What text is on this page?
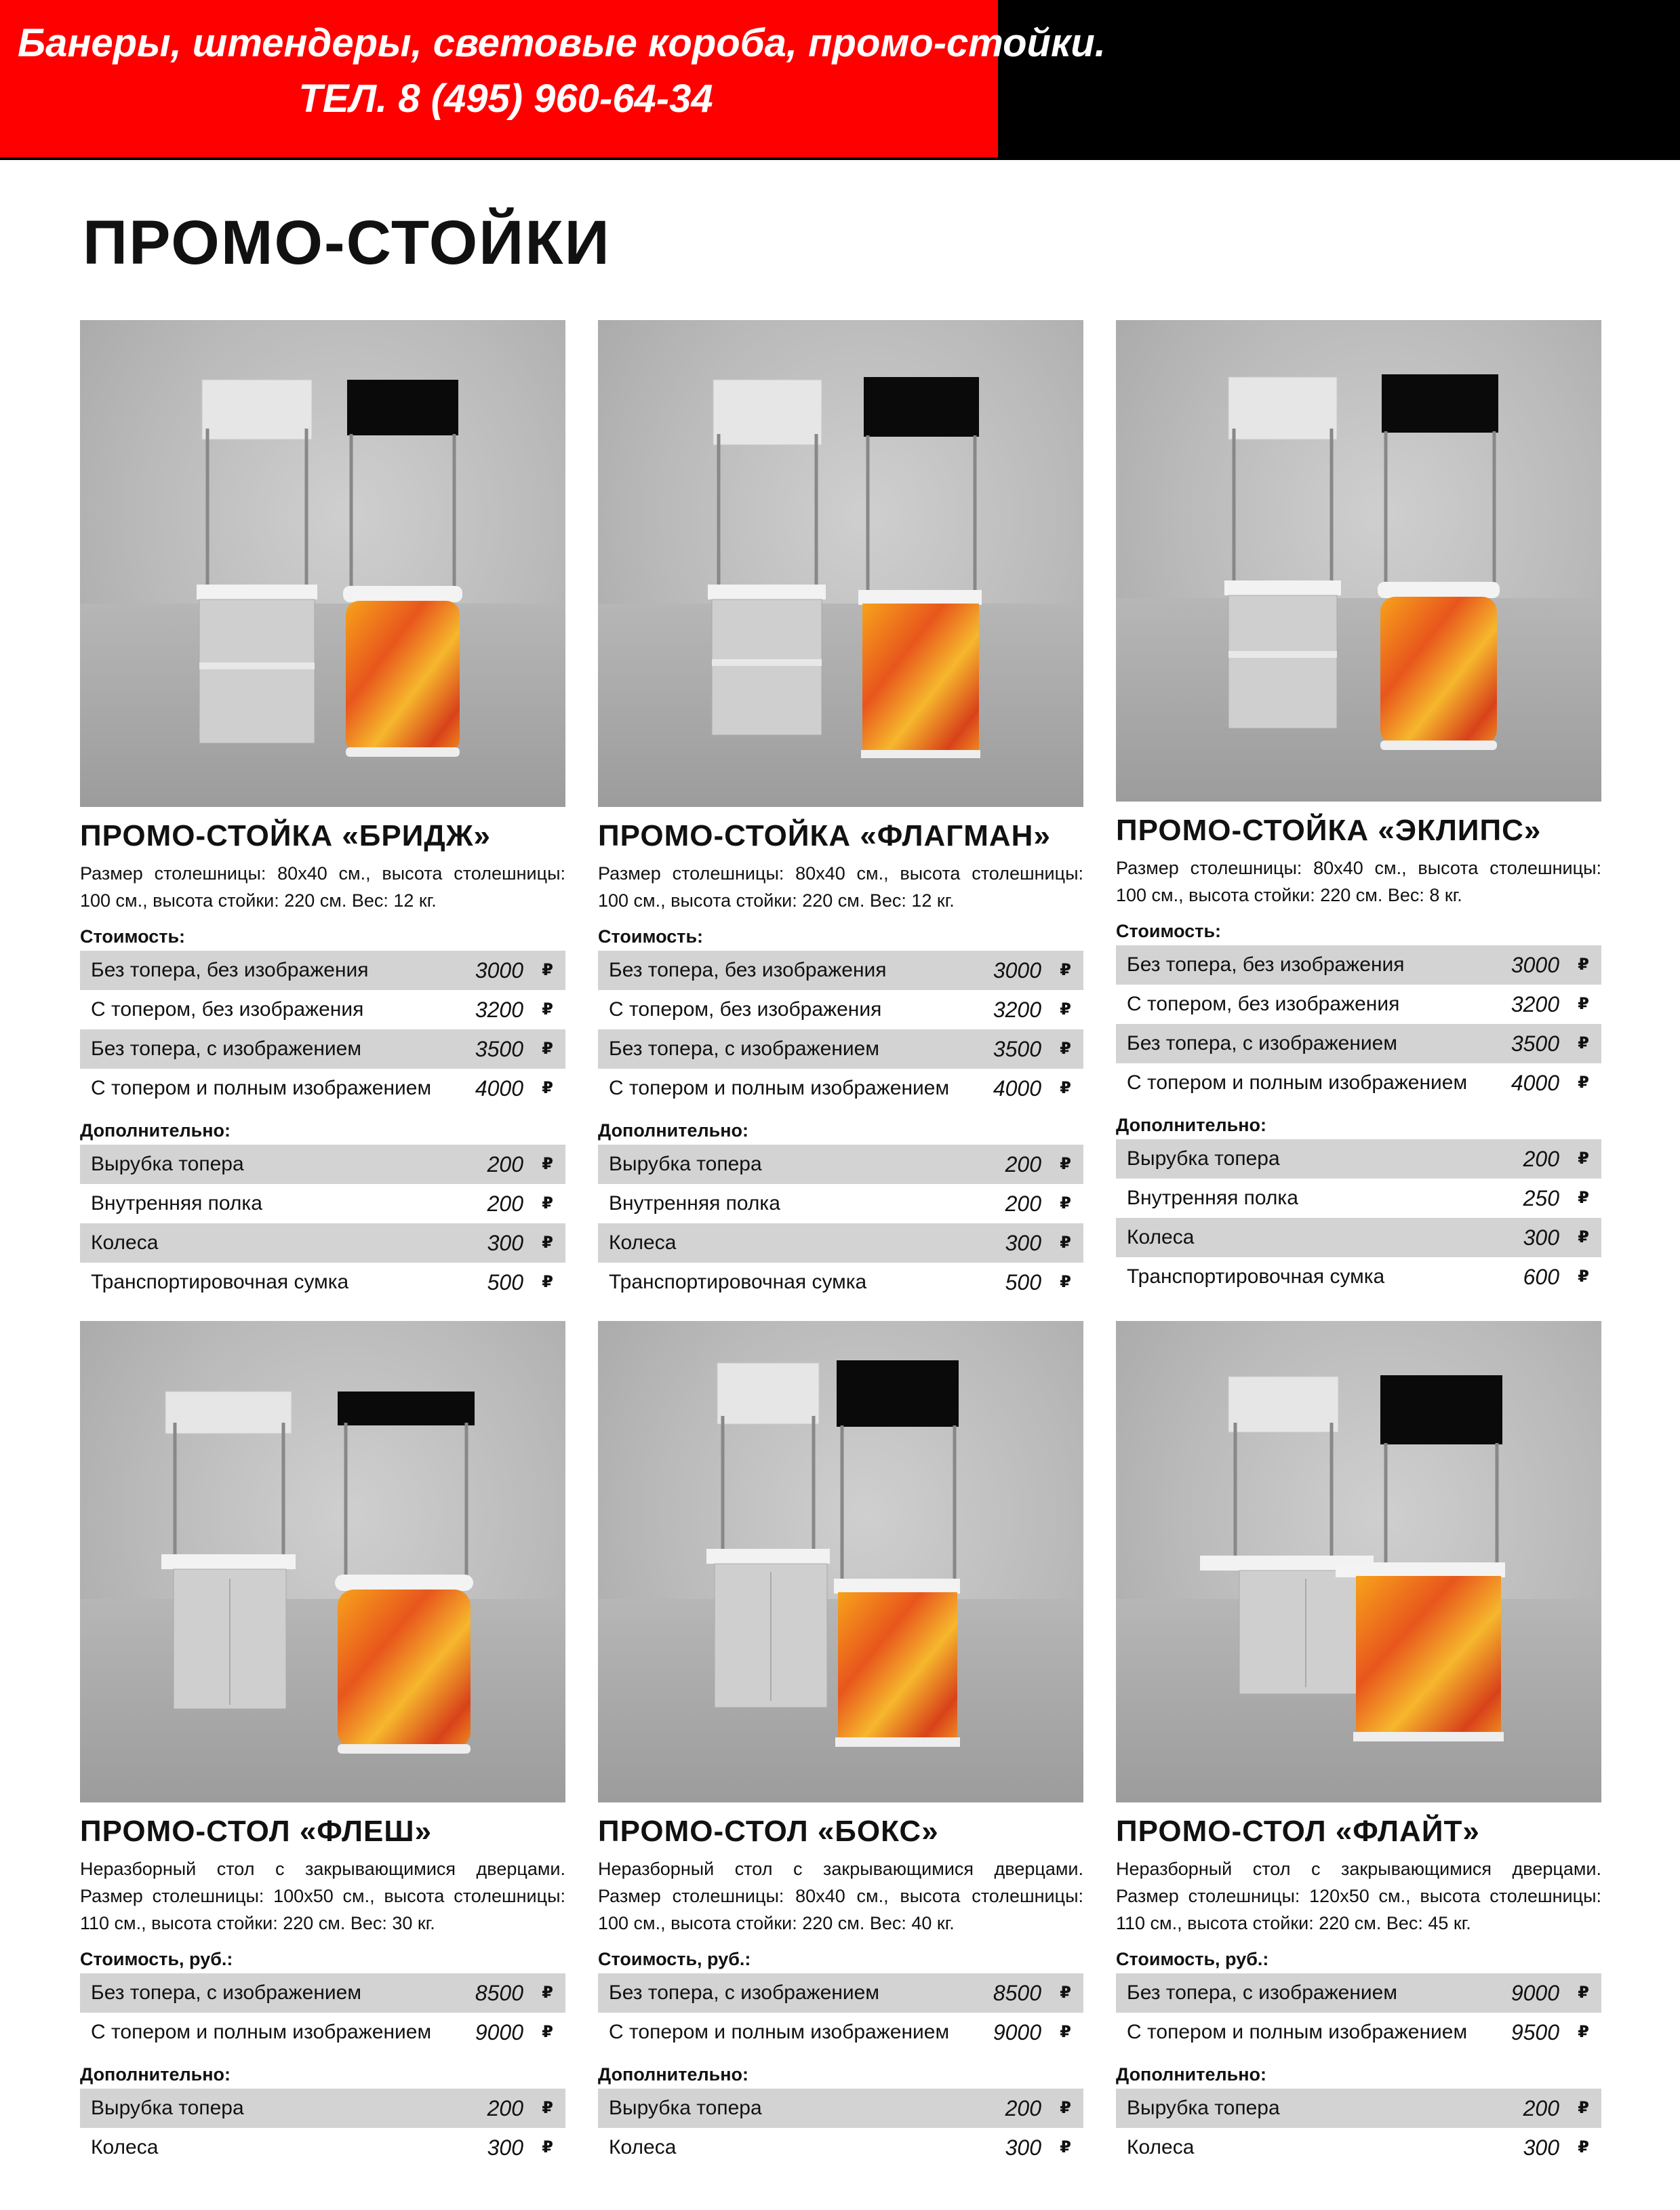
Банеры, штендеры, световые короба, промо-стойки.
ТЕЛ. 8 (495) 960-64-34
ПРОМО-СТОЙКИ
ПРОМО-СТОЙКА «БРИДЖ»
Размер столешницы: 80х40 см., высота столешницы: 100 см., высота стойки: 220 см. Вес: 12 кг.
Стоимость:
Без топера, без изображения	3000 ₽
С топером, без изображения	3200 ₽
Без топера, с изображением	3500 ₽
С топером и полным изображением 4000 ₽
Дополнительно:
Вырубка топера	200 ₽
Внутренняя полка	200 ₽
Колеса	300 ₽
Транспортировочная сумка	500 ₽
ПРОМО-СТОЙКА «ФЛАГМАН»
Размер столешницы: 80х40 см., высота столешницы: 100 см., высота стойки: 220 см. Вес: 12 кг.
Стоимость:
Без топера, без изображения	3000 ₽
С топером, без изображения	3200 ₽
Без топера, с изображением	3500 ₽
С топером и полным изображением 4000 ₽
Дополнительно:
Вырубка топера	200 ₽
Внутренняя полка	200 ₽
Колеса	300 ₽
Транспортировочная сумка	500 ₽
ПРОМО-СТОЙКА «ЭКЛИПС»
Размер столешницы: 80х40 см., высота столешницы: 100 см., высота стойки: 220 см. Вес: 8 кг.
Стоимость:
Без топера, без изображения	3000 ₽
С топером, без изображения	3200 ₽
Без топера, с изображением	3500 ₽
С топером и полным изображением 4000 ₽
Дополнительно:
Вырубка топера	200 ₽
Внутренняя полка	250 ₽
Колеса	300 ₽
Транспортировочная сумка	600 ₽
ПРОМО-СТОЛ «ФЛЕШ»
Неразборный стол с закрывающимися дверцами. Размер столешницы: 100х50 см., высота столешницы: 110 см., высота стойки: 220 см. Вес: 30 кг.
Стоимость, руб.:
Без топера, с изображением	8500 ₽
С топером и полным изображением 9000 ₽
Дополнительно:
Вырубка топера	200 ₽
Колеса	300 ₽
ПРОМО-СТОЛ «БОКС»
Неразборный стол с закрывающимися дверцами. Размер столешницы: 80х40 см., высота столешницы: 100 см., высота стойки: 220 см. Вес: 40 кг.
Стоимость, руб.:
Без топера, с изображением	8500 ₽
С топером и полным изображением 9000 ₽
Дополнительно:
Вырубка топера	200 ₽
Колеса	300 ₽
ПРОМО-СТОЛ «ФЛАЙТ»
Неразборный стол с закрывающимися дверцами. Размер столешницы: 120х50 см., высота столешницы: 110 см., высота стойки: 220 см. Вес: 45 кг.
Стоимость, руб.:
Без топера, с изображением	9000 ₽
С топером и полным изображением 9500 ₽
Дополнительно:
Вырубка топера	200 ₽
Колеса	300 ₽
